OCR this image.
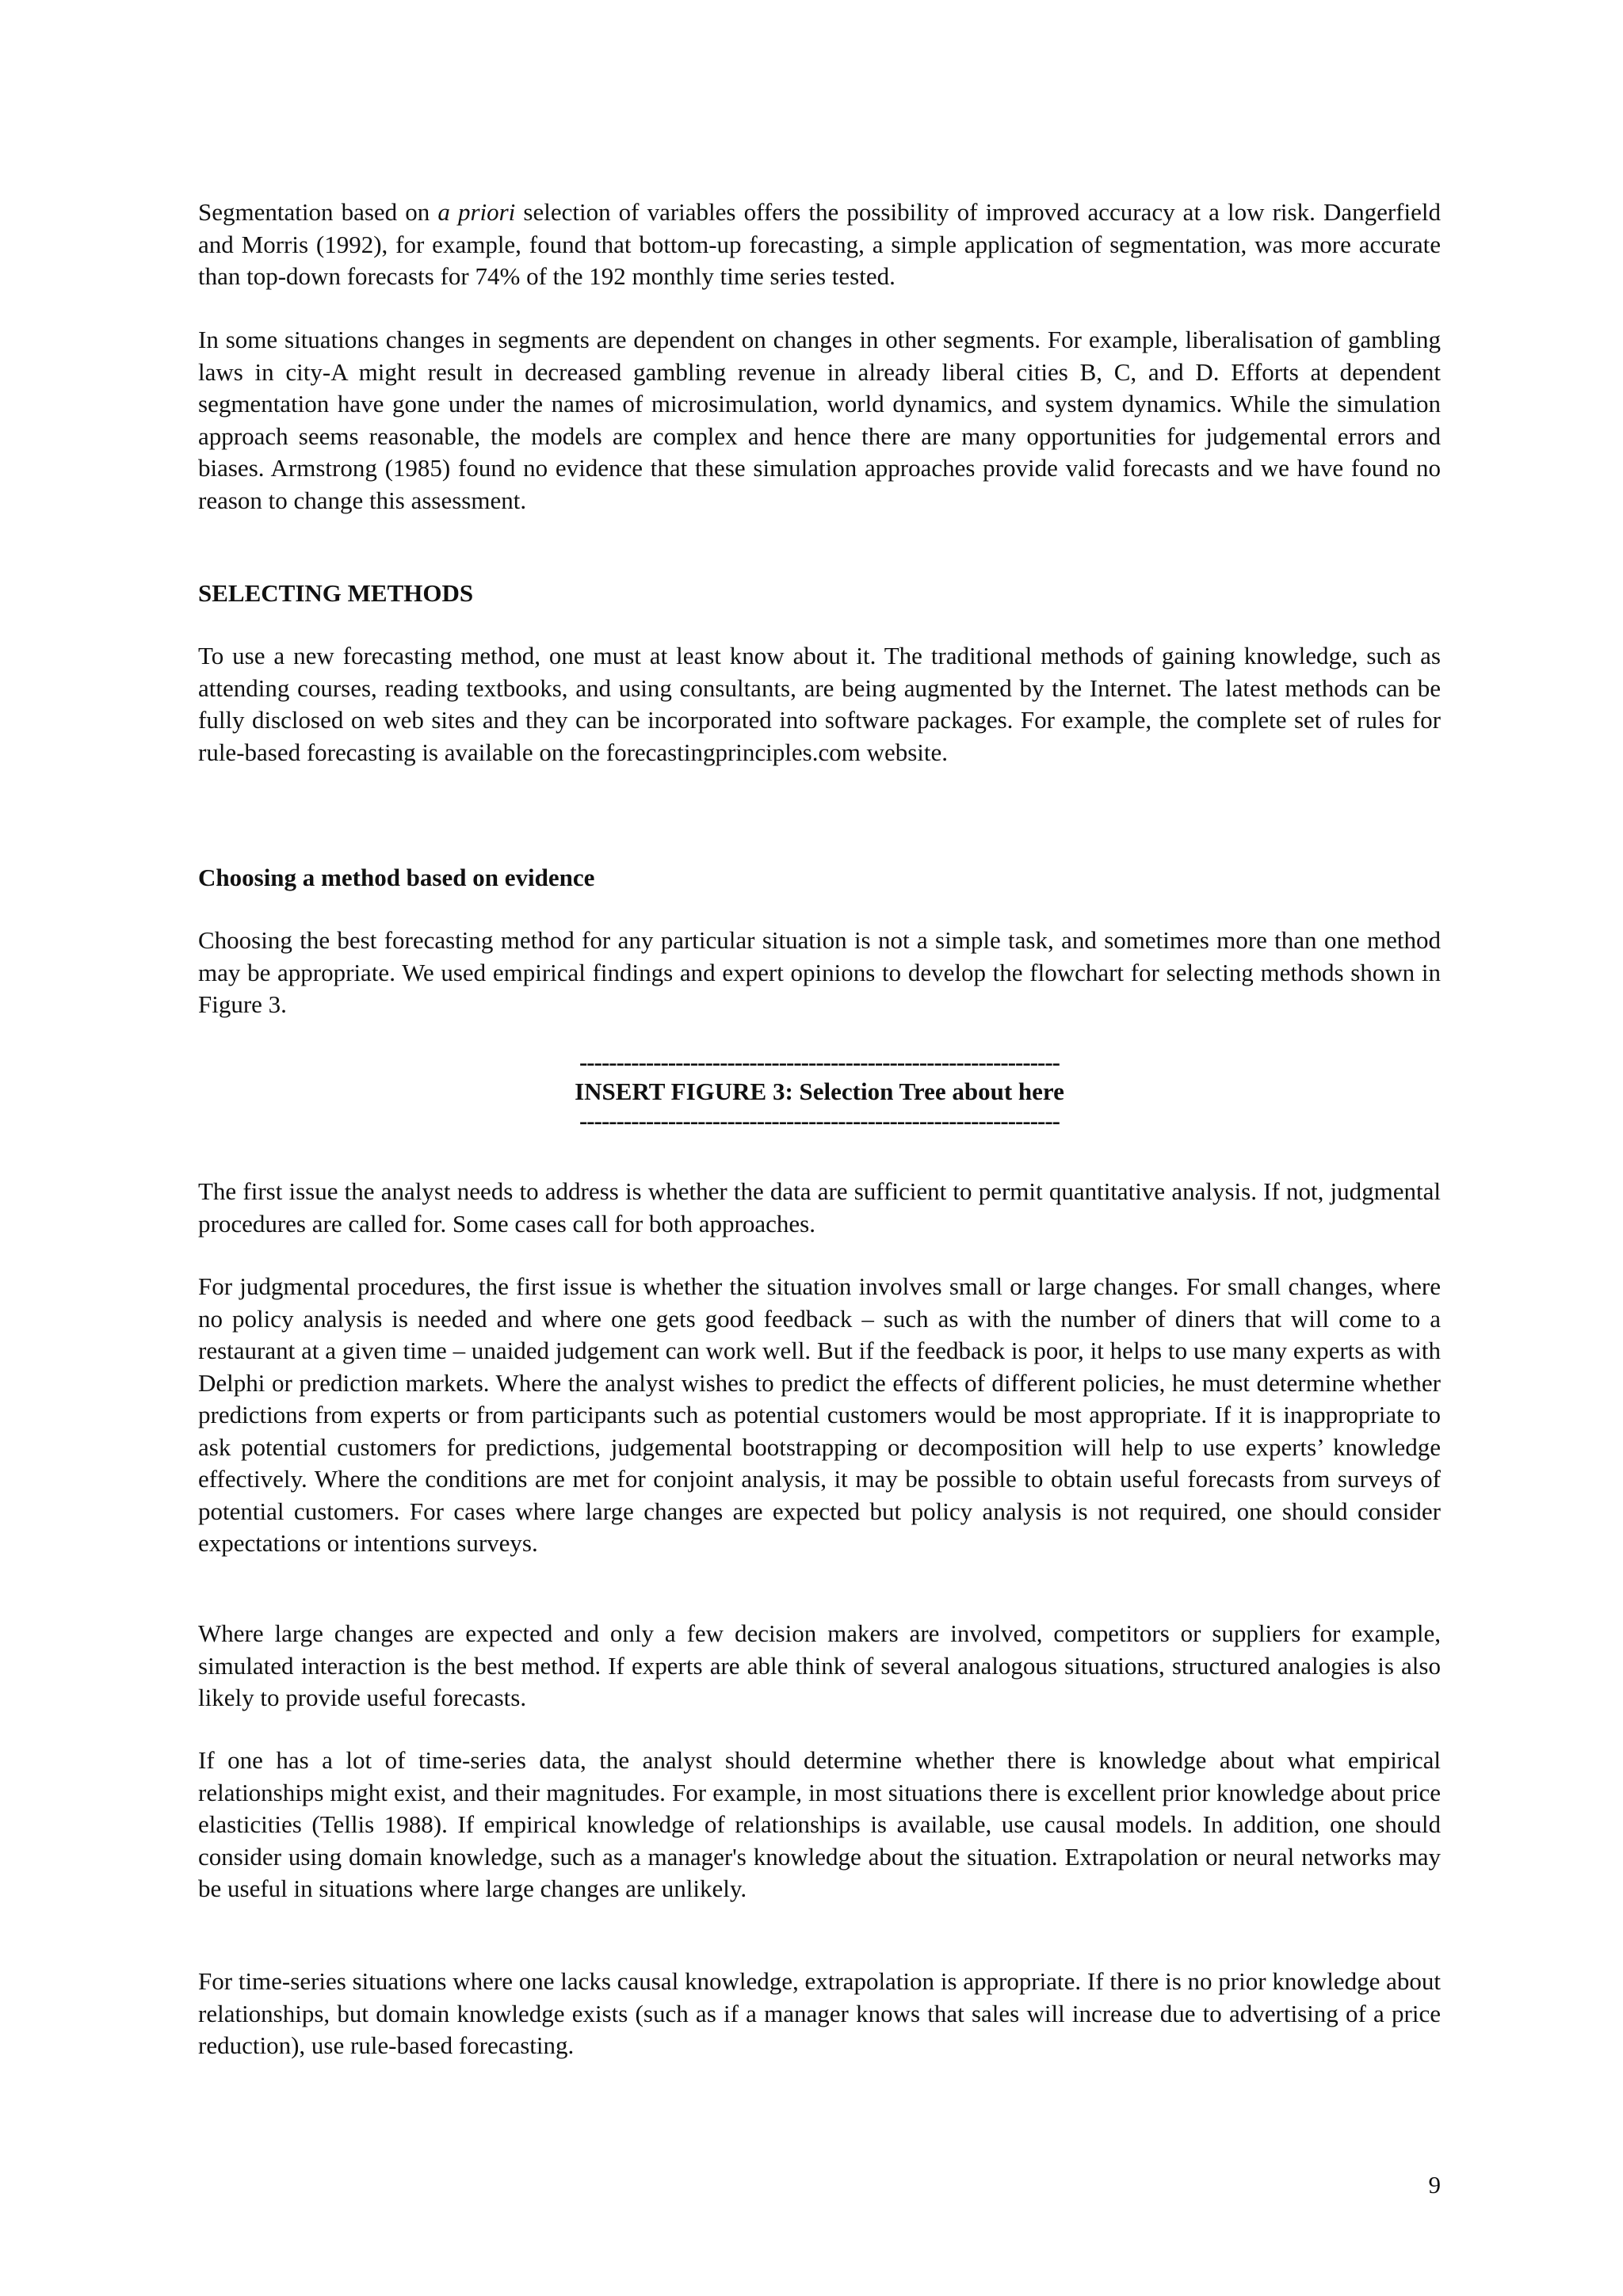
Segmentation based on a priori selection of variables offers the possibility of improved accuracy at a low risk. Dangerfield and Morris (1992), for example, found that bottom-up forecasting, a simple application of segmentation, was more accurate than top-down forecasts for 74% of the 192 monthly time series tested.

In some situations changes in segments are dependent on changes in other segments. For example, liberalisation of gambling laws in city-A might result in decreased gambling revenue in already liberal cities B, C, and D. Efforts at dependent segmentation have gone under the names of microsimulation, world dynamics, and system dynamics. While the simulation approach seems reasonable, the models are complex and hence there are many opportunities for judgemental errors and biases. Armstrong (1985) found no evidence that these simulation approaches provide valid forecasts and we have found no reason to change this assessment.

SELECTING METHODS

To use a new forecasting method, one must at least know about it. The traditional methods of gaining knowledge, such as attending courses, reading textbooks, and using consultants, are being augmented by the Internet. The latest methods can be fully disclosed on web sites and they can be incorporated into software packages. For example, the complete set of rules for rule-based forecasting is available on the forecastingprinciples.com website.

Choosing a method based on evidence

Choosing the best forecasting method for any particular situation is not a simple task, and sometimes more than one method may be appropriate. We used empirical findings and expert opinions to develop the flowchart for selecting methods shown in Figure 3.

-----------------------------------------------------------------
INSERT FIGURE 3: Selection Tree about here
-----------------------------------------------------------------

The first issue the analyst needs to address is whether the data are sufficient to permit quantitative analysis. If not, judgmental procedures are called for. Some cases call for both approaches.

For judgmental procedures, the first issue is whether the situation involves small or large changes. For small changes, where no policy analysis is needed and where one gets good feedback – such as with the number of diners that will come to a restaurant at a given time – unaided judgement can work well. But if the feedback is poor, it helps to use many experts as with Delphi or prediction markets. Where the analyst wishes to predict the effects of different policies, he must determine whether predictions from experts or from participants such as potential customers would be most appropriate. If it is inappropriate to ask potential customers for predictions, judgemental bootstrapping or decomposition will help to use experts’ knowledge effectively. Where the conditions are met for conjoint analysis, it may be possible to obtain useful forecasts from surveys of potential customers. For cases where large changes are expected but policy analysis is not required, one should consider expectations or intentions surveys.

Where large changes are expected and only a few decision makers are involved, competitors or suppliers for example, simulated interaction is the best method. If experts are able think of several analogous situations, structured analogies is also likely to provide useful forecasts.

If one has a lot of time-series data, the analyst should determine whether there is knowledge about what empirical relationships might exist, and their magnitudes. For example, in most situations there is excellent prior knowledge about price elasticities (Tellis 1988). If empirical knowledge of relationships is available, use causal models. In addition, one should consider using domain knowledge, such as a manager's knowledge about the situation. Extrapolation or neural networks may be useful in situations where large changes are unlikely.

For time-series situations where one lacks causal knowledge, extrapolation is appropriate. If there is no prior knowledge about relationships, but domain knowledge exists (such as if a manager knows that sales will increase due to advertising of a price reduction), use rule-based forecasting.

9
